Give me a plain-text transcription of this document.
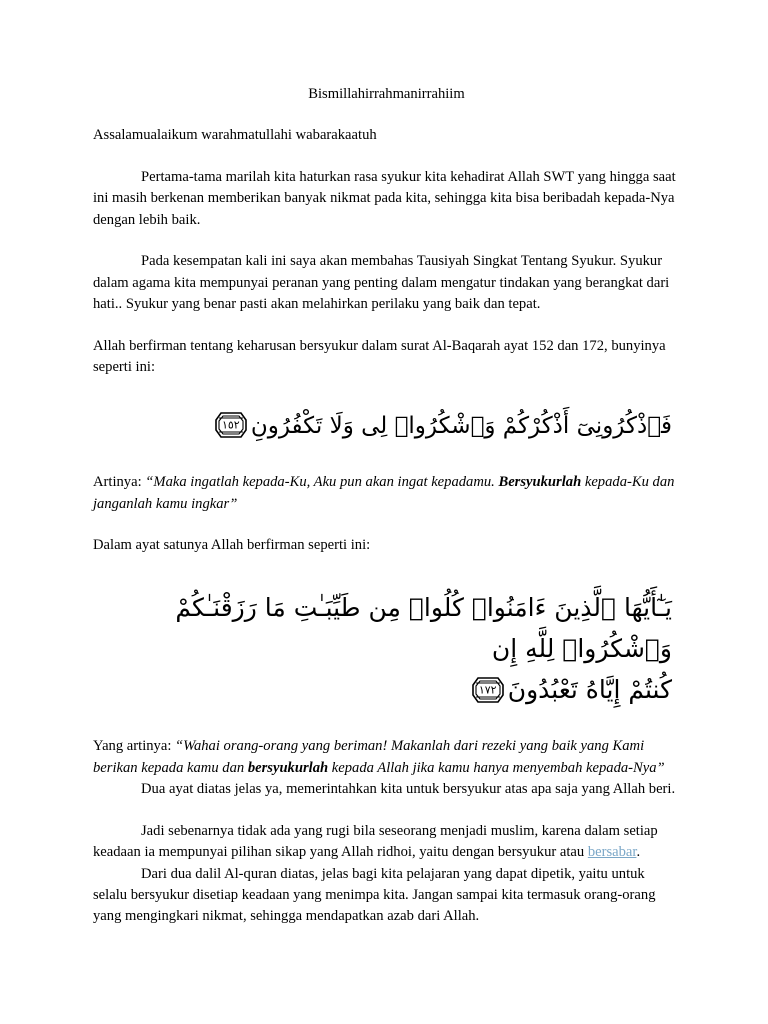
Bismillahirrahmanirrahiim

Assalamualaikum warahmatullahi wabarakaatuh

Pertama-tama marilah kita haturkan rasa syukur kita kehadirat Allah SWT yang hingga saat ini masih berkenan memberikan banyak nikmat pada kita, sehingga kita bisa beribadah kepada-Nya dengan lebih baik.

Pada kesempatan kali ini saya akan membahas Tausiyah Singkat Tentang Syukur. Syukur dalam agama kita mempunyai peranan yang penting dalam mengatur tindakan yang berangkat dari hati.. Syukur yang benar pasti akan melahirkan perilaku yang baik dan tepat.

Allah berfirman tentang keharusan bersyukur dalam surat Al-Baqarah ayat 152 dan 172, bunyinya seperti ini:

فَٱذْكُرُونِىٓ أَذْكُرْكُمْ وَٱشْكُرُوا۟ لِى وَلَا تَكْفُرُونِ
١٥٢

Artinya: “Maka ingatlah kepada-Ku, Aku pun akan ingat kepadamu. Bersyukurlah kepada-Ku dan janganlah kamu ingkar”

Dalam ayat satunya Allah berfirman seperti ini:

يَـٰٓأَيُّهَا ٱلَّذِينَ ءَامَنُوا۟ كُلُوا۟ مِن طَيِّبَـٰتِ مَا رَزَقْنَـٰكُمْ وَٱشْكُرُوا۟ لِلَّهِ إِن
كُنتُمْ إِيَّاهُ تَعْبُدُونَ
١٧٢

Yang artinya: “Wahai orang-orang yang beriman! Makanlah dari rezeki yang baik yang Kami berikan kepada kamu dan bersyukurlah kepada Allah jika kamu hanya menyembah kepada-Nya”

Dua ayat diatas jelas ya, memerintahkan kita untuk bersyukur atas apa saja yang Allah beri.

Jadi sebenarnya tidak ada yang rugi bila seseorang menjadi muslim, karena dalam setiap keadaan ia mempunyai pilihan sikap yang Allah ridhoi, yaitu dengan bersyukur atau bersabar.

Dari dua dalil Al-quran diatas, jelas bagi kita pelajaran yang dapat dipetik, yaitu untuk selalu bersyukur disetiap keadaan yang menimpa kita. Jangan sampai kita termasuk orang-orang yang mengingkari nikmat, sehingga mendapatkan azab dari Allah.
